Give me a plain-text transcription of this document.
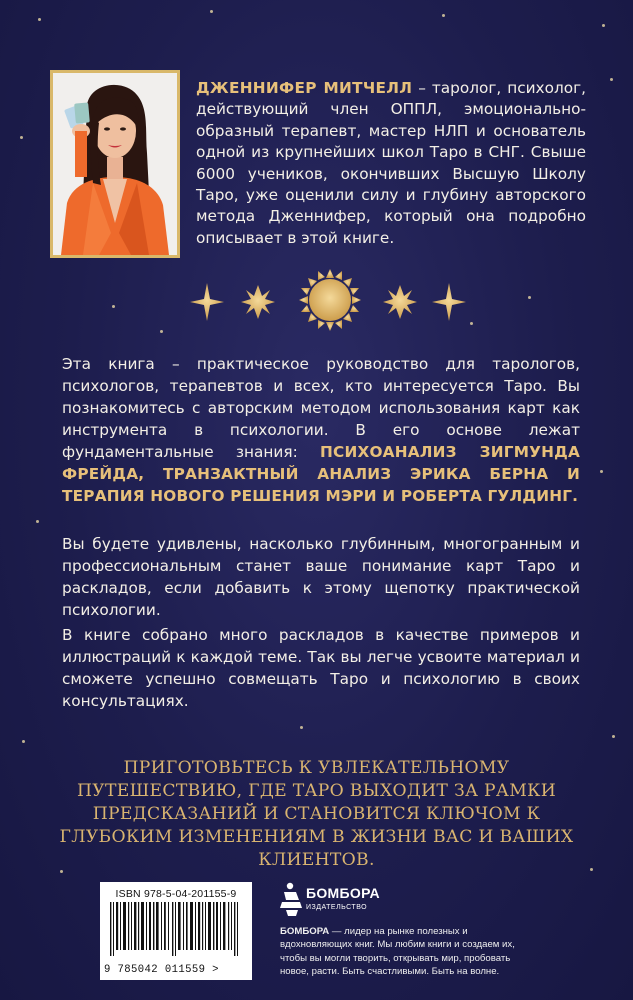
ДЖЕННИФЕР МИТЧЕЛЛ – таролог, психолог, действующий член ОППЛ, эмоционально-образный терапевт, мастер НЛП и основатель одной из крупнейших школ Таро в СНГ. Свыше 6000 учеников, окончивших Высшую Школу Таро, уже оценили силу и глубину авторского метода Дженнифер, который она подробно описывает в этой книге.

Эта книга – практическое руководство для тарологов, психологов, терапевтов и всех, кто интересуется Таро. Вы познакомитесь с авторским методом использования карт как инструмента в психологии. В его основе лежат фундаментальные знания: ПСИХОАНАЛИЗ ЗИГМУНДА ФРЕЙДА, ТРАНЗАКТНЫЙ АНАЛИЗ ЭРИКА БЕРНА И ТЕРАПИЯ НОВОГО РЕШЕНИЯ МЭРИ И РОБЕРТА ГУЛДИНГ.

Вы будете удивлены, насколько глубинным, многогранным и профессиональным станет ваше понимание карт Таро и раскладов, если добавить к этому щепотку практической психологии.

В книге собрано много раскладов в качестве примеров и иллюстраций к каждой теме. Так вы легче усвоите материал и сможете успешно совмещать Таро и психологию в своих консультациях.

ПРИГОТОВЬТЕСЬ К УВЛЕКАТЕЛЬНОМУ ПУТЕШЕСТВИЮ, ГДЕ ТАРО ВЫХОДИТ ЗА РАМКИ ПРЕДСКАЗАНИЙ И СТАНОВИТСЯ КЛЮЧОМ К ГЛУБОКИМ ИЗМЕНЕНИЯМ В ЖИЗНИ ВАС И ВАШИХ КЛИЕНТОВ.
ISBN 978-5-04-201155-9
9 785042 011559 >
БОМБОРА
ИЗДАТЕЛЬСТВО
БОМБОРА — лидер на рынке полезных и вдохновляющих книг. Мы любим книги и создаем их, чтобы вы могли творить, открывать мир, пробовать новое, расти. Быть счастливыми. Быть на волне.
